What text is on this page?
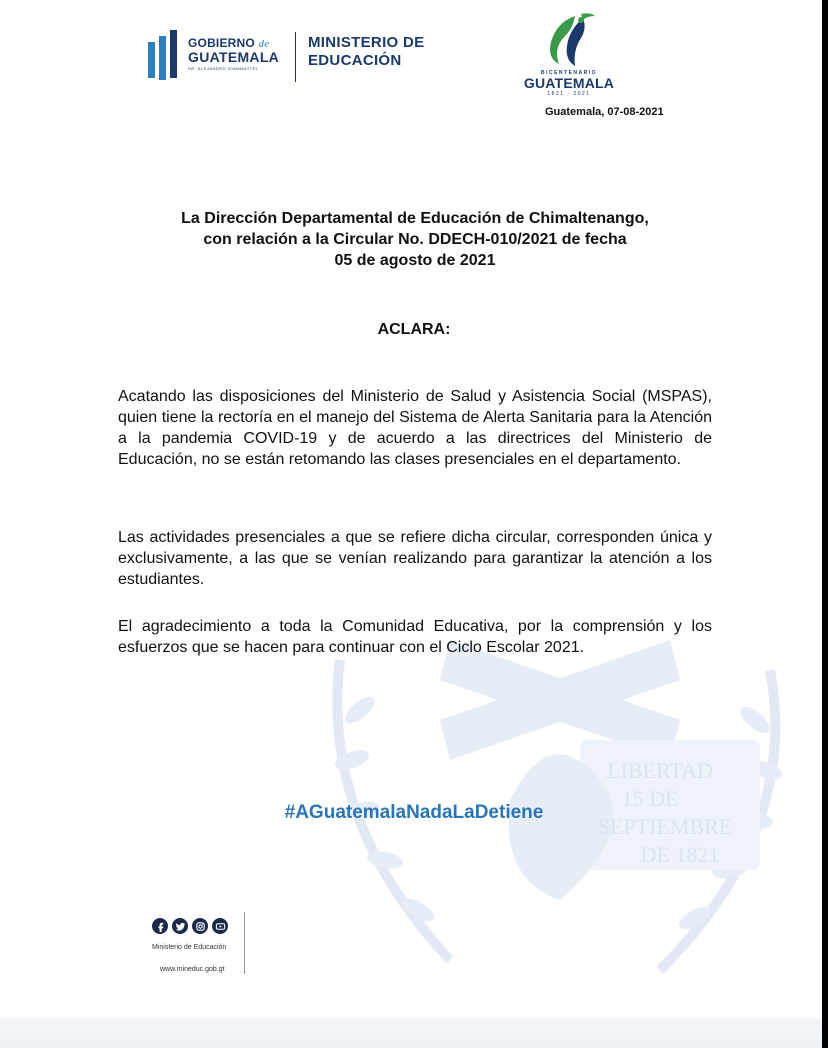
LIBERTAD
15 DE
SEPTIEMBRE
DE 1821
GOBIERNO de
GUATEMALA
DR. ALEJANDRO GIAMMATTEI
MINISTERIO DE
EDUCACIÓN
BICENTENARIO
GUATEMALA
1821 · 2021
Guatemala, 07-08-2021
La Dirección Departamental de Educación de Chimaltenango,
con relación a la Circular No. DDECH-010/2021 de fecha
05 de agosto de 2021
ACLARA:
Acatando las disposiciones del Ministerio de Salud y Asistencia Social (MSPAS), quien tiene la rectoría en el manejo del Sistema de Alerta Sanitaria para la Atención a la pandemia COVID-19 y de acuerdo a las directrices del Ministerio de Educación, no se están retomando las clases presenciales en el departamento.
Las actividades presenciales a que se refiere dicha circular, corresponden única y exclusivamente, a las que se venían realizando para garantizar la atención a los estudiantes.
El agradecimiento a toda la Comunidad Educativa, por la comprensión y los esfuerzos que se hacen para continuar con el Ciclo Escolar 2021.
#AGuatemalaNadaLaDetiene
Ministerio de Educación
www.mineduc.gob.gt
